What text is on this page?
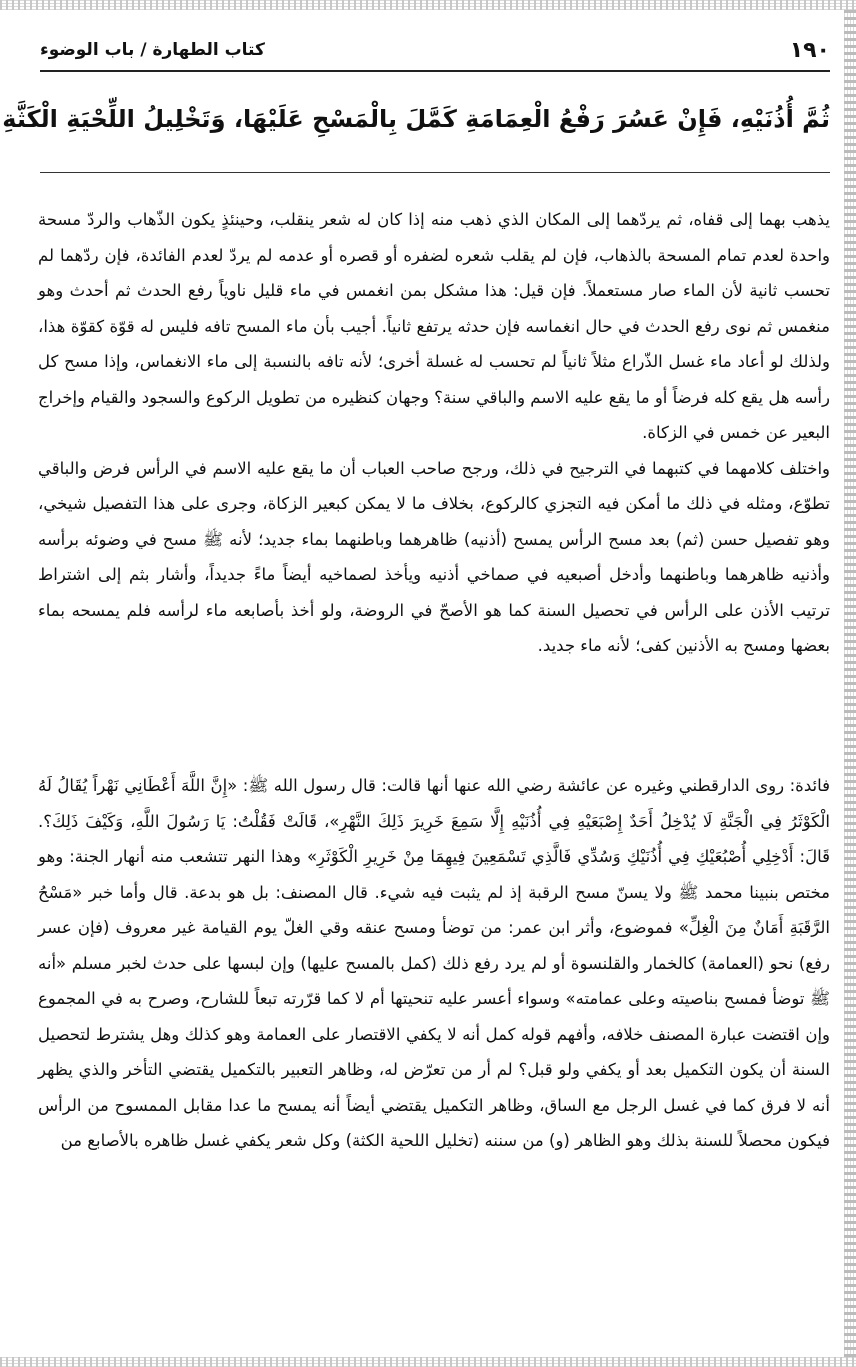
١٩٠
كتاب الطهارة / باب الوضوء
ثُمَّ أُذُنَيْهِ، فَإِنْ عَسُرَ رَفْعُ الْعِمَامَةِ كَمَّلَ بِالْمَسْحِ عَلَيْهَا، وَتَخْلِيلُ اللِّحْيَةِ الْكَثَّةِ

يذهب بهما إلى قفاه، ثم يردّهما إلى المكان الذي ذهب منه إذا كان له شعر ينقلب، وحينئذٍ يكون الذّهاب والردّ مسحة واحدة لعدم تمام المسحة بالذهاب، فإن لم يقلب شعره لضفره أو قصره أو عدمه لم يردّ لعدم الفائدة، فإن ردّهما لم تحسب ثانية لأن الماء صار مستعملاً. فإن قيل: هذا مشكل بمن انغمس في ماء قليل ناوياً رفع الحدث ثم أحدث وهو منغمس ثم نوى رفع الحدث في حال انغماسه فإن حدثه يرتفع ثانياً. أجيب بأن ماء المسح تافه فليس له قوّة كقوّة هذا، ولذلك لو أعاد ماء غسل الذّراع مثلاً ثانياً لم تحسب له غسلة أخرى؛ لأنه تافه بالنسبة إلى ماء الانغماس، وإذا مسح كل رأسه هل يقع كله فرضاً أو ما يقع عليه الاسم والباقي سنة؟ وجهان كنظيره من تطويل الركوع والسجود والقيام وإخراج البعير عن خمس في الزكاة.

واختلف كلامهما في كتبهما في الترجيح في ذلك، ورجح صاحب العباب أن ما يقع عليه الاسم في الرأس فرض والباقي تطوّع، ومثله في ذلك ما أمكن فيه التجزي كالركوع، بخلاف ما لا يمكن كبعير الزكاة، وجرى على هذا التفصيل شيخي، وهو تفصيل حسن (ثم) بعد مسح الرأس يمسح (أذنيه) ظاهرهما وباطنهما بماء جديد؛ لأنه ﷺ مسح في وضوئه برأسه وأذنيه ظاهرهما وباطنهما وأدخل أصبعيه في صماخي أذنيه ويأخذ لصماخيه أيضاً ماءً جديداً، وأشار بثم إلى اشتراط ترتيب الأذن على الرأس في تحصيل السنة كما هو الأصحّ في الروضة، ولو أخذ بأصابعه ماء لرأسه فلم يمسحه بماء بعضها ومسح به الأذنين كفى؛ لأنه ماء جديد.

فائدة: روى الدارقطني وغيره عن عائشة رضي الله عنها أنها قالت: قال رسول الله ﷺ: «إِنَّ اللَّهَ أَعْطَانِي نَهْراً يُقَالُ لَهُ الْكَوْثَرُ فِي الْجَنَّةِ لَا يُدْخِلُ أَحَدٌ إِصْبَعَيْهِ فِي أُذُنَيْهِ إِلَّا سَمِعَ خَرِيرَ ذَلِكَ النَّهْرِ»، قَالَتْ فَقُلْتُ: يَا رَسُولَ اللَّهِ، وَكَيْفَ ذَلِكَ؟. قَالَ: أَدْخِلِي أُصْبُعَيْكِ فِي أُذُنَيْكِ وَسُدِّي فَالَّذِي تَسْمَعِينَ فِيهِمَا مِنْ خَرِيرِ الْكَوْثَرِ» وهذا النهر تتشعب منه أنهار الجنة: وهو مختص بنبينا محمد ﷺ ولا يسنّ مسح الرقبة إذ لم يثبت فيه شيء. قال المصنف: بل هو بدعة. قال وأما خبر «مَسْحُ الرَّقَبَةِ أَمَانٌ مِنَ الْغِلِّ» فموضوع، وأثر ابن عمر: من توضأ ومسح عنقه وقي الغلّ يوم القيامة غير معروف (فإن عسر رفع) نحو (العمامة) كالخمار والقلنسوة أو لم يرد رفع ذلك (كمل بالمسح عليها) وإن لبسها على حدث لخبر مسلم «أنه ﷺ توضأ فمسح بناصيته وعلى عمامته» وسواء أعسر عليه تنحيتها أم لا كما قرّرته تبعاً للشارح، وصرح به في المجموع وإن اقتضت عبارة المصنف خلافه، وأفهم قوله كمل أنه لا يكفي الاقتصار على العمامة وهو كذلك وهل يشترط لتحصيل السنة أن يكون التكميل بعد أو يكفي ولو قبل؟ لم أر من تعرّض له، وظاهر التعبير بالتكميل يقتضي التأخر والذي يظهر أنه لا فرق كما في غسل الرجل مع الساق، وظاهر التكميل يقتضي أيضاً أنه يمسح ما عدا مقابل الممسوح من الرأس فيكون محصلاً للسنة بذلك وهو الظاهر (و) من سننه (تخليل اللحية الكثة) وكل شعر يكفي غسل ظاهره بالأصابع من
